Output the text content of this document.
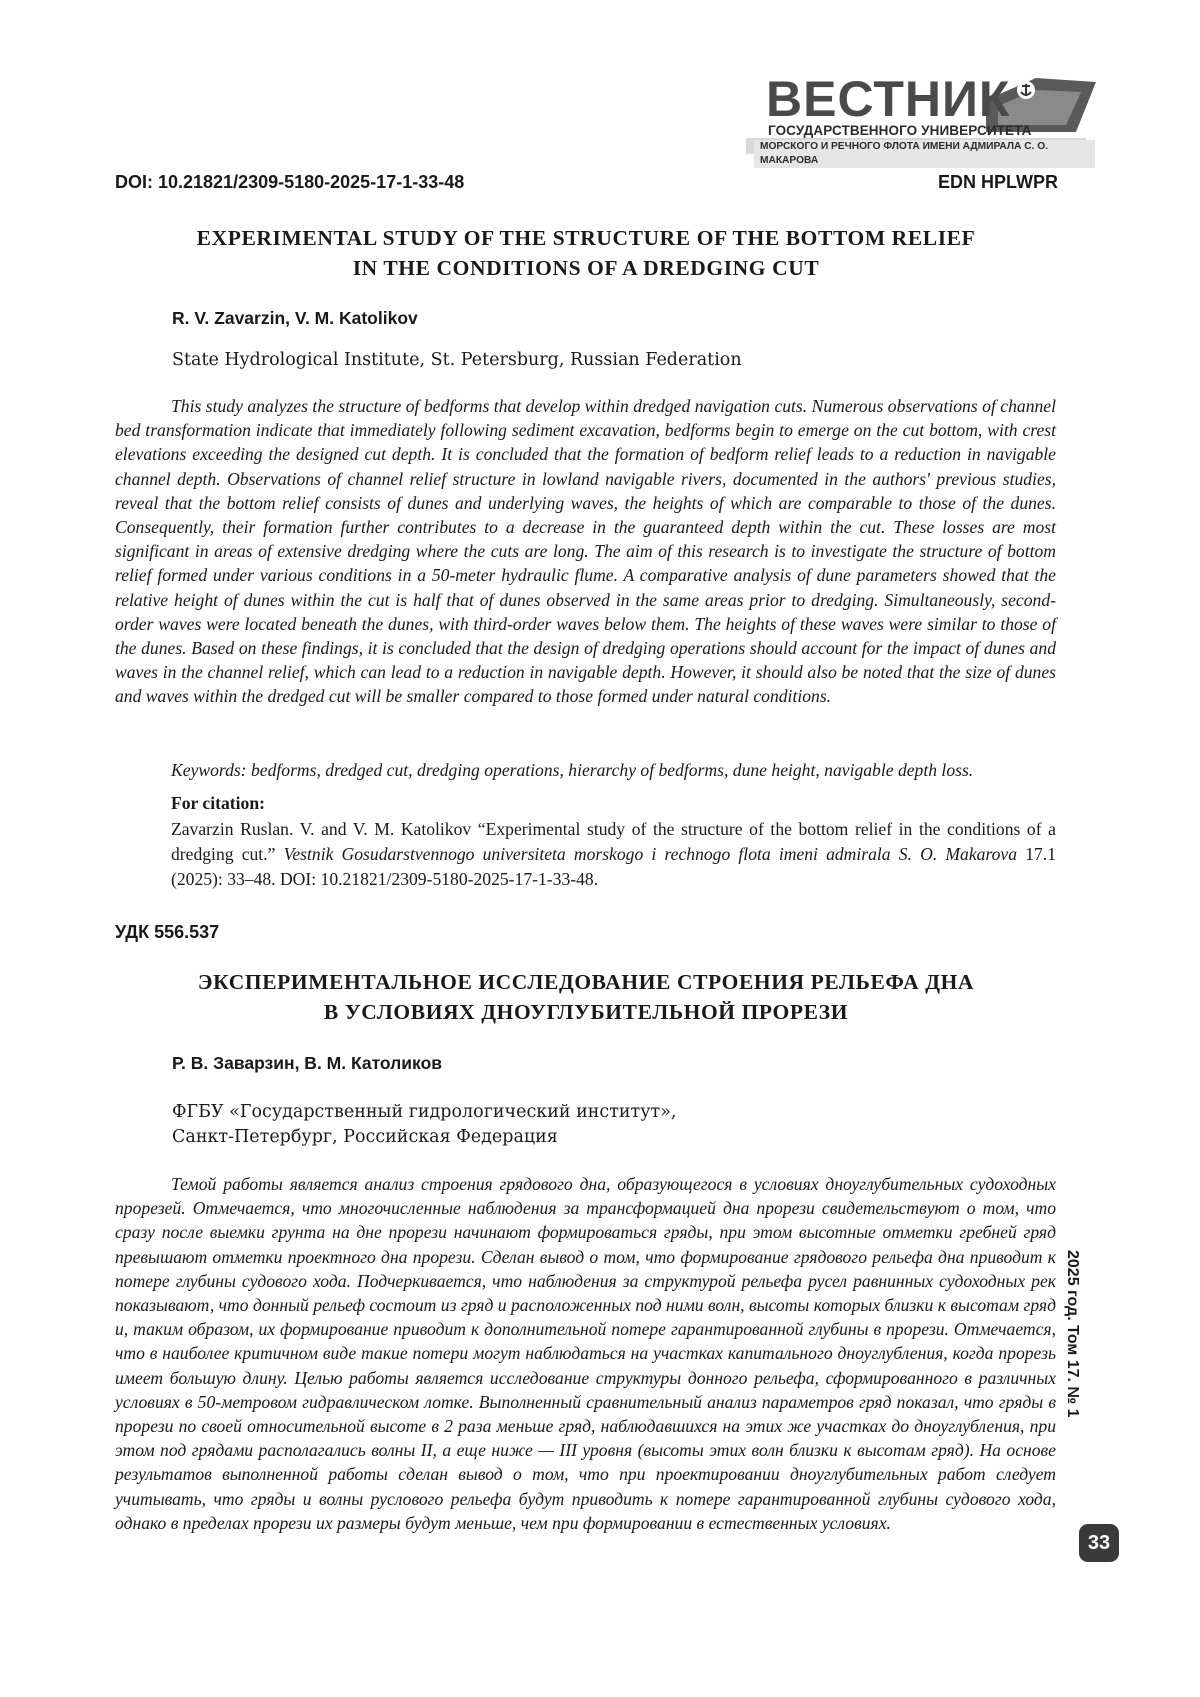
ВЕСТНИК
ГОСУДАРСТВЕННОГО УНИВЕРСИТЕТА
МОРСКОГО И РЕЧНОГО ФЛОТА ИМЕНИ АДМИРАЛА С. О. МАКАРОВА
DOI: 10.21821/2309-5180-2025-17-1-33-48	EDN HPLWPR
EXPERIMENTAL STUDY OF THE STRUCTURE OF THE BOTTOM RELIEF
IN THE CONDITIONS OF A DREDGING CUT
R. V. Zavarzin, V. M. Katolikov
State Hydrological Institute, St. Petersburg, Russian Federation

This study analyzes the structure of bedforms that develop within dredged navigation cuts. Numerous observations of channel bed transformation indicate that immediately following sediment excavation, bedforms begin to emerge on the cut bottom, with crest elevations exceeding the designed cut depth. It is concluded that the formation of bedform relief leads to a reduction in navigable channel depth. Observations of channel relief structure in lowland navigable rivers, documented in the authors' previous studies, reveal that the bottom relief consists of dunes and underlying waves, the heights of which are comparable to those of the dunes. Consequently, their formation further contributes to a decrease in the guaranteed depth within the cut. These losses are most significant in areas of extensive dredging where the cuts are long. The aim of this research is to investigate the structure of bottom relief formed under various conditions in a 50-meter hydraulic flume. A comparative analysis of dune parameters showed that the relative height of dunes within the cut is half that of dunes observed in the same areas prior to dredging. Simultaneously, second-order waves were located beneath the dunes, with third-order waves below them. The heights of these waves were similar to those of the dunes. Based on these findings, it is concluded that the design of dredging operations should account for the impact of dunes and waves in the channel relief, which can lead to a reduction in navigable depth. However, it should also be noted that the size of dunes and waves within the dredged cut will be smaller compared to those formed under natural conditions.

Keywords: bedforms, dredged cut, dredging operations, hierarchy of bedforms, dune height, navigable depth loss.
For citation:
Zavarzin Ruslan. V. and V. M. Katolikov “Experimental study of the structure of the bottom relief in the conditions of a dredging cut.” Vestnik Gosudarstvennogo universiteta morskogo i rechnogo flota imeni admirala S. O. Makarova 17.1 (2025): 33–48. DOI: 10.21821/2309-5180-2025-17-1-33-48.
УДК 556.537
ЭКСПЕРИМЕНТАЛЬНОЕ ИССЛЕДОВАНИЕ СТРОЕНИЯ РЕЛЬЕФА ДНА
В УСЛОВИЯХ ДНОУГЛУБИТЕЛЬНОЙ ПРОРЕЗИ
Р. В. Заварзин, В. М. Католиков
ФГБУ «Государственный гидрологический институт»,
Санкт-Петербург, Российская Федерация

Темой работы является анализ строения грядового дна, образующегося в условиях дноуглубительных судоходных прорезей. Отмечается, что многочисленные наблюдения за трансформацией дна прорези свидетельствуют о том, что сразу после выемки грунта на дне прорези начинают формироваться гряды, при этом высотные отметки гребней гряд превышают отметки проектного дна прорези. Сделан вывод о том, что формирование грядового рельефа дна приводит к потере глубины судового хода. Подчеркивается, что наблюдения за структурой рельефа русел равнинных судоходных рек показывают, что донный рельеф состоит из гряд и расположенных под ними волн, высоты которых близки к высотам гряд и, таким образом, их формирование приводит к дополнительной потере гарантированной глубины в прорези. Отмечается, что в наиболее критичном виде такие потери могут наблюдаться на участках капитального дноуглубления, когда прорезь имеет большую длину. Целью работы является исследование структуры донного рельефа, сформированного в различных условиях в 50-метровом гидравлическом лотке. Выполненный сравнительный анализ параметров гряд показал, что гряды в прорези по своей относительной высоте в 2 раза меньше гряд, наблюдавшихся на этих же участках до дноуглубления, при этом под грядами располагались волны II, а еще ниже — III уровня (высоты этих волн близки к высотам гряд). На основе результатов выполненной работы сделан вывод о том, что при проектировании дноуглубительных работ следует учитывать, что гряды и волны руслового рельефа будут приводить к потере гарантированной глубины судового хода, однако в пределах прорези их размеры будут меньше, чем при формировании в естественных условиях.

2025 год. Том 17. № 1
33
